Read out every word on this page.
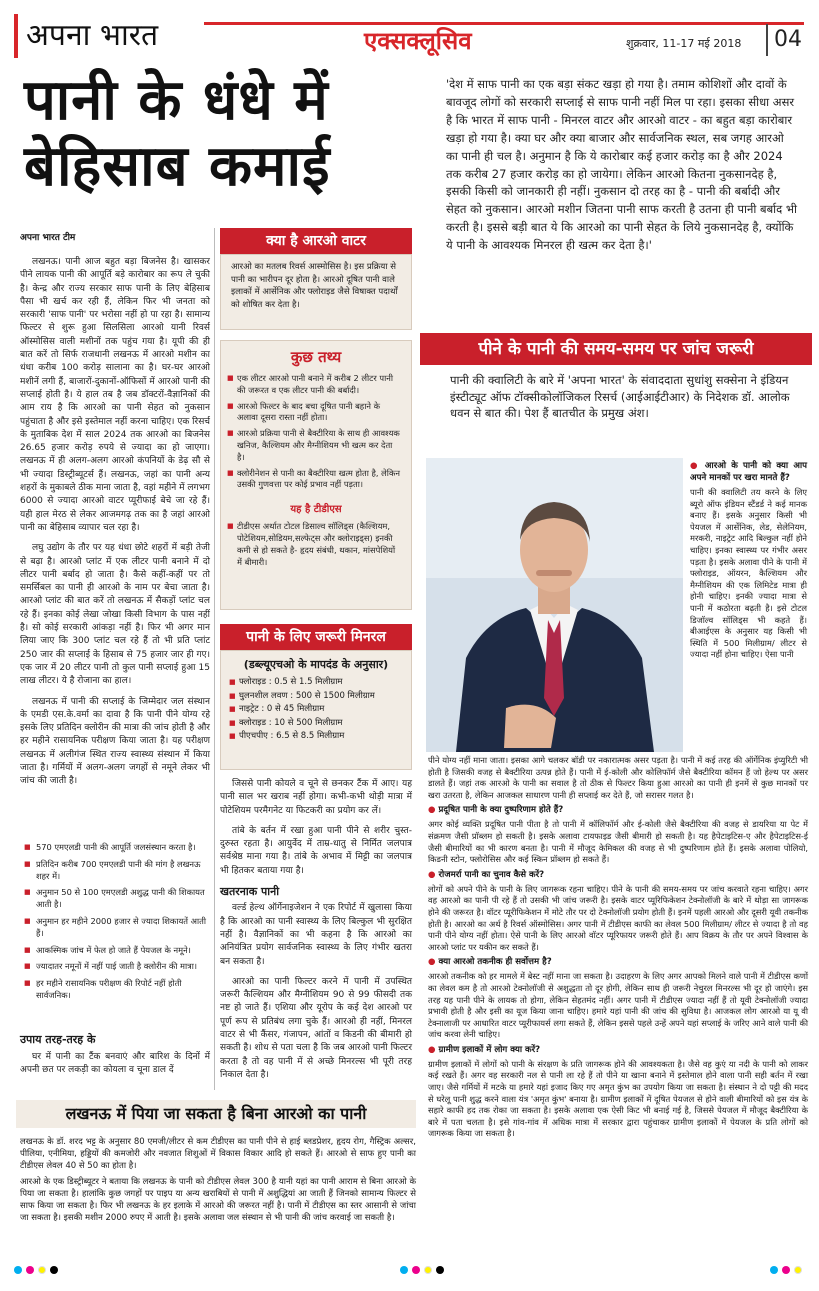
अपना भारत	एक्सक्लूसिव	शुक्रवार, 11-17 मई 2018	04
पानी के धंधे में बेहिसाब कमाई
अपना भारत टीम

लखनऊ। पानी आज बहुत बड़ा बिजनेस है। खासकर पीने लायक पानी की आपूर्ति बड़े कारोबार का रूप ले चुकी है। केन्द्र और राज्य सरकार साफ पानी के लिए बेहिसाब पैसा भी खर्च कर रही हैं, लेकिन फिर भी जनता को सरकारी 'साफ पानी' पर भरोसा नहीं हो पा रहा है। सामान्य फिल्टर से शुरू हुआ सिलसिला आरओ यानी रिवर्स ऑस्मोसिस वाली मशीनों तक पहुंच गया है। यूपी की ही बात करें तो सिर्फ राजधानी लखनऊ में आरओ मशीन का धंधा करीब 100 करोड़ सालाना का है। घर-घर आरओ मशीनें लगी हैं, बाजारों-दुकानों-ऑफिसों में आरओ पानी की सप्लाई होती है। ये हाल तब है जब डॉक्टरों-वैज्ञानिकों की आम राय है कि आरओ का पानी सेहत को नुकसान पहुंचाता है और इसे इस्तेमाल नहीं करना चाहिए। एक रिसर्च के मुताबिक देश में साल 2024 तक आरओ का बिजनेस 26.65 हजार करोड़ रुपये से ज्यादा का हो जाएगा। लखनऊ में ही अलग-अलग आरओ कंपनियों के डेढ़ सौ से भी ज्यादा डिस्ट्रीब्यूटर्स हैं। लखनऊ, जहां का पानी अन्य शहरों के मुकाबले ठीक माना जाता है, वहां महीने में लगभग 6000 से ज्यादा आरओ वाटर प्यूरीफाई बेचे जा रहे हैं। यही हाल मेरठ से लेकर आजमगढ़ तक का है जहां आरओ पानी का बेहिसाब व्यापार चल रहा है।

लघु उद्योग के तौर पर यह धंधा छोटे शहरों में बड़ी तेजी से बढ़ा है। आरओ प्लांट में एक लीटर पानी बनाने में दो लीटर पानी बर्बाद हो जाता है। कैसे कहीं-कहीं पर तो समर्सिबल का पानी ही आरओ के नाम पर बेचा जाता है। आरओ प्लांट की बात करें तो लखनऊ में सैकड़ों प्लांट चल रहे हैं। इनका कोई लेखा जोखा किसी विभाग के पास नहीं है। सो कोई सरकारी आंकड़ा नहीं है। फिर भी अगर मान लिया जाए कि 300 प्लांट चल रहे हैं तो भी प्रति प्लांट 250 जार की सप्लाई के हिसाब से 75 हजार जार ही गए। एक जार में 20 लीटर पानी तो कुल पानी सप्लाई हुआ 15 लाख लीटर। ये है रोजाना का हाल।

लखनऊ में पानी की सप्लाई के जिम्मेदार जल संस्थान के एमडी एस.के.वर्मा का दावा है कि पानी पीने योग्य रहे इसके लिए प्रतिदिन क्लोरीन की मात्रा की जांच होती है और हर महीने रासायनिक परीक्षण किया जाता है। यह परीक्षण लखनऊ में अलीगंज स्थित राज्य स्वास्थ्य संस्थान में किया जाता है। गर्मियों में अलग-अलग जगहों से नमूने लेकर भी जांच की जाती है।

■ 570 एमएलडी पानी की आपूर्ति जलसंस्थान करता है।
■ प्रतिदिन करीब 700 एमएलडी पानी की मांग है लखनऊ शहर में।
■ अनुमान 50 से 100 एमएलडी अशुद्ध पानी की शिकायत आती है।
■ अनुमान हर महीने 2000 हजार से ज्यादा शिकायतें आती हैं।
■ आकस्मिक जांच में फेल हो जाते हैं पेयजल के नमूने।
■ ज्यादातर नमूनों में नहीं पाई जाती है क्लोरीन की मात्रा।
■ हर महीने रासायनिक परीक्षण की रिपोर्ट नहीं होती सार्वजनिक।
उपाय तरह-तरह के

घर में पानी का टैंक बनवाएं और बारिश के दिनों में अपनी छत पर लकड़ी का कोयला व चूना डाल दें

क्या है आरओ वाटर
आरओ का मतलब रिवर्स आस्मोसिस है। इस प्रक्रिया से पानी का भारीपन दूर होता है। आरओ दूषित पानी वाले इलाकों में आर्सेनिक और फ्लोराइड जैसे विषाक्त पदार्थों को शोषित कर देता है।
कुछ तथ्य
■ एक लीटर आरओ पानी बनाने में करीब 2 लीटर पानी की जरूरत व एक लीटर पानी की बर्बादी।
■ आरओ फिल्टर के बाद बचा दूषित पानी बहाने के अलावा दूसरा रास्ता नहीं होता।
■ आरओ प्रक्रिया पानी से बैक्टीरिया के साथ ही आवश्यक खनिज, कैल्शियम और मैग्नीशियम भी खत्म कर देता है।
■ क्लोरीनेशन से पानी का बैक्टीरिया खत्म होता है, लेकिन उसकी गुणवत्ता पर कोई प्रभाव नहीं पड़ता।
यह है टीडीएस
■ टीडीएस अर्थात टोटल डिसाल्व सॉलिड्स (कैल्शियम, पोटेशियम,सोडियम,सल्फेट्स और क्लोराइड्स) इनकी कमी से हो सकते है- हृदय संबंधी, थकान, मांसपेशियों में बीमारी।
पानी के लिए जरूरी मिनरल
(डब्ल्यूएचओ के मापदंड के अनुसार)
■ फ्लोराइड : 0.5 से 1.5 मिलीग्राम
■ घुलनशील लवण : 500 से 1500 मिलीग्राम
■ नाइट्रेट : 0 से 45 मिलीग्राम
■ क्लोराइड : 10 से 500 मिलीग्राम
■ पीएचपीए : 6.5 से 8.5 मिलीग्राम

जिससे पानी कोयले व चूने से छनकर टैंक में आए। यह पानी साल भर खराब नहीं होगा। कभी-कभी थोड़ी मात्रा में पोटेशियम परमैगनेट या फिटकरी का प्रयोग कर लें।

तांबे के बर्तन में रखा हुआ पानी पीने से शरीर चुस्त-दुरुस्त रहता है। आयुर्वेद में ताम्र-धातु से निर्मित जलपात्र सर्वश्रेष्ठ माना गया है। तांबे के अभाव में मिट्टी का जलपात्र भी हितकर बताया गया है।

खतरनाक पानी

वर्ल्ड हेल्थ ऑर्गेनाइजेशन ने एक रिपोर्ट में खुलासा किया है कि आरओ का पानी स्वास्थ्य के लिए बिल्कुल भी सुरक्षित नहीं है। वैज्ञानिकों का भी कहना है कि आरओ का अनियंत्रित प्रयोग सार्वजनिक स्वास्थ्य के लिए गंभीर खतरा बन सकता है।

आरओ का पानी फिल्टर करने में पानी में उपस्थित जरूरी कैल्शियम और मैग्नीशियम 90 से 99 फीसदी तक नष्ट हो जाते हैं। एशिया और यूरोप के कई देश आरओ पर पूर्ण रूप से प्रतिबंध लगा चुके हैं। आरओ ही नहीं, मिनरल वाटर से भी कैंसर, गंजापन, आंतों व किडनी की बीमारी हो सकती है। शोध से पता चला है कि जब आरओ पानी फिल्टर करता है तो वह पानी में से अच्छे मिनरल्स भी पूरी तरह निकाल देता है।

'देश में साफ पानी का एक बड़ा संकट खड़ा हो गया है। तमाम कोशिशों और दावों के बावजूद लोगों को सरकारी सप्लाई से साफ पानी नहीं मिल पा रहा। इसका सीधा असर है कि भारत में साफ पानी - मिनरल वाटर और आरओ वाटर - का बहुत बड़ा कारोबार खड़ा हो गया है। क्या घर और क्या बाजार और सार्वजनिक स्थल, सब जगह आरओ का पानी ही चल है। अनुमान है कि ये कारोबार कई हजार करोड़ का है और 2024 तक करीब 27 हजार करोड़ का हो जायेगा। लेकिन आरओ कितना नुकसानदेह है, इसकी किसी को जानकारी ही नहीं। नुकसान दो तरह का है - पानी की बर्बादी और सेहत को नुकसान। आरओ मशीन जितना पानी साफ करती है उतना ही पानी बर्बाद भी करती है। इससे बड़ी बात ये कि आरओ का पानी सेहत के लिये नुकसानदेह है, क्योंकि ये पानी के आवश्यक मिनरल ही खत्म कर देता है।'
पीने के पानी की समय-समय पर जांच जरूरी
पानी की क्वालिटी के बारे में 'अपना भारत' के संवाददाता सुधांशु सक्सेना ने इंडियन इंस्टीट्यूट ऑफ टॉक्सीकोलॉजिकल रिसर्च (आईआईटीआर) के निदेशक डॉ. आलोक धवन से बात की। पेश हैं बातचीत के प्रमुख अंश।
● आरओ के पानी को क्या आप अपने मानकों पर खरा मानते हैं?
पानी की क्वालिटी तय करने के लिए ब्यूरो ऑफ इंडियन स्टैंडर्ड ने कई मानक बनाए हैं। इसके अनुसार किसी भी पेयजल में आर्सेनिक, लेड, सेलेनियम, मरकरी, नाइट्रेट आदि बिल्कुल नहीं होने चाहिए। इनका स्वास्थ्य पर गंभीर असर पड़ता है। इसके अलावा पीने के पानी में फ्लोराइड, ऑयरन, कैल्शियम और मैग्नीशियम की एक लिमिटेड मात्रा ही होनी चाहिए। इनकी ज्यादा मात्रा से पानी में कठोरता बढ़ती है। इसे टोटल डिजॉल्व सॉलिड्स भी कहते हैं। बीआईएस के अनुसार यह किसी भी स्थिति में 500 मिलीग्राम/ लीटर से ज्यादा नहीं होना चाहिए। ऐसा पानी

पीने योग्य नहीं माना जाता। इसका आगे चलकर बॉडी पर नकारात्मक असर पड़ता है। पानी में कई तरह की ऑर्गेनिक इंप्युरिटी भी होती है जिसकी वजह से बैक्टीरिया उत्पन्न होते हैं। पानी में ई-कोली और कोलिफॉर्म जैसे बैक्टीरिया कॉमन हैं जो हेल्थ पर असर डालते हैं। जहां तक आरओ के पानी का सवाल है तो ठीक से फिल्टर किया हुआ आरओ का पानी ही इनमें से कुछ मानकों पर खरा उतरता है, लेकिन आजकल साधारण पानी ही सप्लाई कर देते हैं, जो सरासर गलत है।

● प्रदूषित पानी के क्या दुष्परिणाम होते हैं?

अगर कोई व्यक्ति प्रदूषित पानी पीता है तो पानी में कॉलिफॉर्म और ई-कोली जैसे बैक्टीरिया की वजह से डायरिया या पेट में संक्रमण जैसी प्रॉब्लम हो सकती है। इसके अलावा टायफाइड जैसी बीमारी हो सकती है। यह हैपेटाइटिस-ए और हैपेटाइटिस-ई जैसी बीमारियों का भी कारण बनता है। पानी में मौजूद केमिकल की वजह से भी दुष्परिणाम होते हैं। इसके अलावा पोलियो, किडनी स्टोन, फ्लोरोसिस और कई स्किन प्रॉब्लम हो सकते हैं।

● रोजमर्रा पानी का चुनाव कैसे करें?

लोगों को अपने पीने के पानी के लिए जागरूक रहना चाहिए। पीने के पानी की समय-समय पर जांच करवाते रहना चाहिए। अगर वह आरओ का पानी पी रहे हैं तो उसकी भी जांच जरूरी है। इसके वाटर प्यूरिफिकेशन टेक्नोलॉजी के बारे में थोड़ा सा जागरूक होने की जरूरत है। वॉटर प्यूरीफिकेशन में मोटे तौर पर दो टेक्नोलॉजी प्रयोग होती हैं। इनमें पहली आरओ और दूसरी यूवी तकनीक होती है। आरओ का अर्थ है रिवर्स ऑस्मोसिस। अगर पानी में टीडीएस काफी का लेवल 500 मिलीग्राम/ लीटर से ज्यादा है तो वह पानी पीने योग्य नहीं होता। ऐसे पानी के लिए आरओ वॉटर प्यूरिफायर जरूरी होते हैं। आप विक्रय के तौर पर अपने विश्वास के आरओ प्लांट पर यकीन कर सकते हैं।

● क्या आरओ तकनीक ही सर्वोत्तम है?

आरओ तकनीक को हर मामले में बेस्ट नहीं माना जा सकता है। उदाहरण के लिए अगर आपको मिलने वाले पानी में टीडीएस कणों का लेवल कम है तो आरओ टेक्नोलॉजी से अशुद्धता तो दूर होगी, लेकिन साथ ही जरूरी नेचुरल मिनरल्स भी दूर हो जाएंगे। इस तरह यह पानी पीने के लायक तो होगा, लेकिन सेहतमंद नहीं। अगर पानी में टीडीएस ज्यादा नहीं हैं तो यूवी टेक्नोलॉजी ज्यादा प्रभावी होती है और इसी का यूज किया जाना चाहिए। हमारे यहां पानी की जांच की सुविधा है। आजकल लोग आरओ या यू वी टेक्नालाजी पर आधारित वाटर प्यूरीफायर्स लगा सकते हैं, लेकिन इससे पहले उन्हें अपने यहां सप्लाई के जरिए आने वाले पानी की जांच करवा लेनी चाहिए।

● ग्रामीण इलाकों में लोग क्या करें?

ग्रामीण इलाकों में लोगों को पानी के संरक्षण के प्रति जागरूक होने की आवश्यकता है। जैसे वह कुएं या नदी के पानी को लाकर कई रखते हैं। अगर वह सरकारी नल से पानी ला रहे हैं तो पीने या खाना बनाने में इस्तेमाल होने वाला पानी सही बर्तन में रखा जाए। जैसे गर्मियों में मटके या हमारे यहां इजाद किए गए अमृत कुंभ का उपयोग किया जा सकता है। संस्थान ने दो पट्टी की मदद से घरेलू पानी शुद्ध करने वाला यंत्र 'अमृत कुंभ' बनाया है। ग्रामीण इलाकों में दूषित पेयजल से होने वाली बीमारियों को इस यंत्र के सहारे काफी हद तक रोका जा सकता है। इसके अलावा एक ऐसी किट भी बनाई गई है, जिससे पेयजल में मौजूद बैक्टीरिया के बारे में पता चलता है। इसे गांव-गांव में अधिक मात्रा में सरकार द्वारा पहुंचाकर ग्रामीण इलाकों में पेयजल के प्रति लोगों को जागरूक किया जा सकता है।

लखनऊ में पिया जा सकता है बिना आरओ का पानी

लखनऊ के डॉ. शरद भट्ट के अनुसार 80 एमजी/लीटर से कम टीडीएस का पानी पीने से हाई ब्लडप्रेशर, हृदय रोग, गैस्ट्रिक अल्सर, पीलिया, एनीमिया, हड्डियों की कमजोरी और नवजात शिशुओं में विकास विकार आदि हो सकते हैं। आरओ से साफ हुए पानी का टीडीएस लेवल 40 से 50 का होता है।

आरओ के एक डिस्ट्रीब्यूटर ने बताया कि लखनऊ के पानी को टीडीएस लेवल 300 है यानी यहां का पानी आराम से बिना आरओ के पिया जा सकता है। हालांकि कुछ जगहों पर पाइप या अन्य खराबियों से पानी में अशुद्धियां आ जाती हैं जिनको सामान्य फिल्टर से साफ किया जा सकता है। फिर भी लखनऊ के हर इलाके में आरओ की जरूरत नहीं है। पानी में टीडीएस का स्तर आसानी से जांचा जा सकता है। इसकी मशीन 2000 रुपए में आती है। इसके अलावा जल संस्थान से भी पानी की जांच करवाई जा सकती है।
